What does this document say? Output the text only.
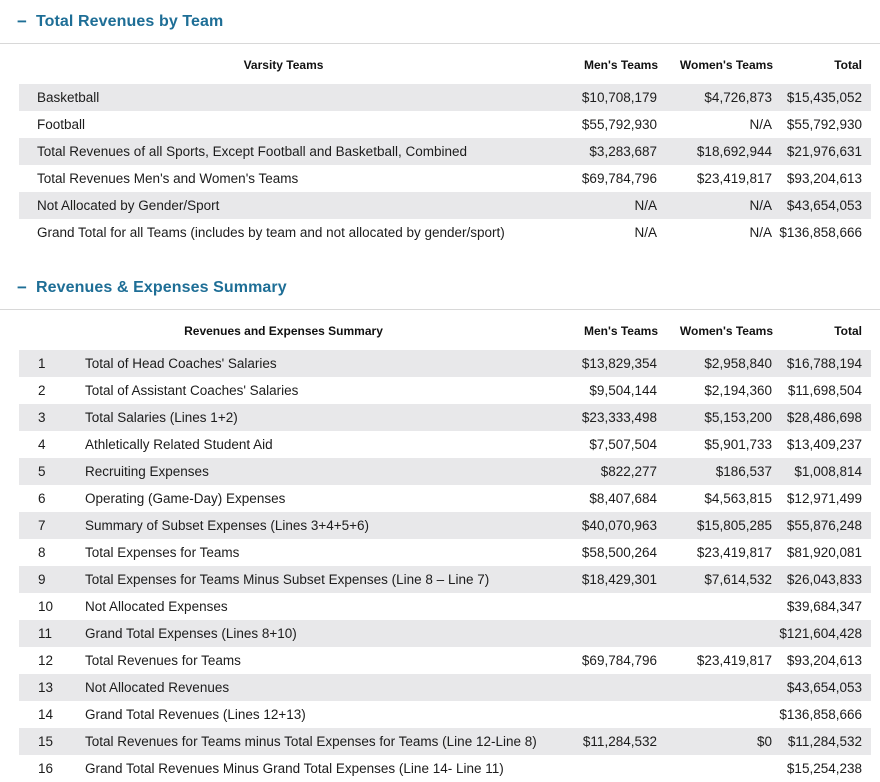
− Total Revenues by Team
Varsity Teams	Men's Teams	Women's Teams	Total
Basketball	$10,708,179	$4,726,873	$15,435,052
Football	$55,792,930	N/A	$55,792,930
Total Revenues of all Sports, Except Football and Basketball, Combined	$3,283,687	$18,692,944	$21,976,631
Total Revenues Men's and Women's Teams	$69,784,796	$23,419,817	$93,204,613
Not Allocated by Gender/Sport	N/A	N/A	$43,654,053
Grand Total for all Teams (includes by team and not allocated by gender/sport)	N/A	N/A	$136,858,666
− Revenues & Expenses Summary
Revenues and Expenses Summary		Men's Teams	Women's Teams	Total
1	Total of Head Coaches' Salaries	$13,829,354	$2,958,840	$16,788,194
2	Total of Assistant Coaches' Salaries	$9,504,144	$2,194,360	$11,698,504
3	Total Salaries (Lines 1+2)	$23,333,498	$5,153,200	$28,486,698
4	Athletically Related Student Aid	$7,507,504	$5,901,733	$13,409,237
5	Recruiting Expenses	$822,277	$186,537	$1,008,814
6	Operating (Game-Day) Expenses	$8,407,684	$4,563,815	$12,971,499
7	Summary of Subset Expenses (Lines 3+4+5+6)	$40,070,963	$15,805,285	$55,876,248
8	Total Expenses for Teams	$58,500,264	$23,419,817	$81,920,081
9	Total Expenses for Teams Minus Subset Expenses (Line 8 – Line 7)	$18,429,301	$7,614,532	$26,043,833
10	Not Allocated Expenses			$39,684,347
11	Grand Total Expenses (Lines 8+10)			$121,604,428
12	Total Revenues for Teams	$69,784,796	$23,419,817	$93,204,613
13	Not Allocated Revenues			$43,654,053
14	Grand Total Revenues (Lines 12+13)			$136,858,666
15	Total Revenues for Teams minus Total Expenses for Teams (Line 12-Line 8)	$11,284,532	$0	$11,284,532
16	Grand Total Revenues Minus Grand Total Expenses (Line 14- Line 11)			$15,254,238
